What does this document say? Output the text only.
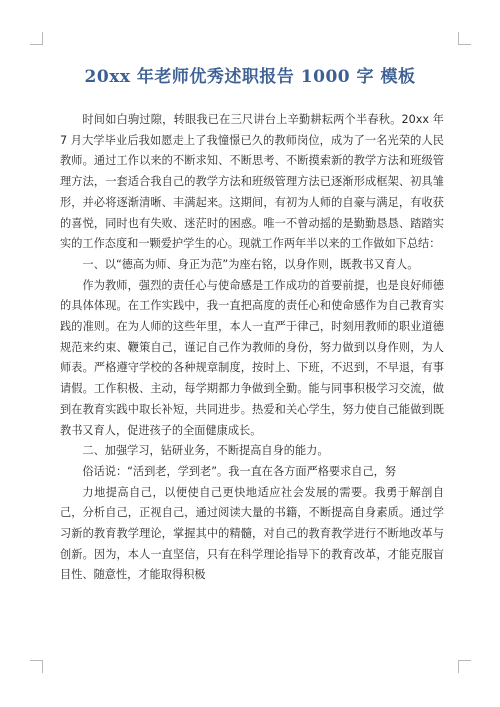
20xx 年老师优秀述职报告 1000 字 模板

时间如白驹过隙，转眼我已在三尺讲台上辛勤耕耘两个半春秋。20xx 年 7 月大学毕业后我如愿走上了我憧憬已久的教师岗位，成为了一名光荣的人民教师。通过工作以来的不断求知、不断思考、不断摸索新的教学方法和班级管理方法，一套适合我自己的教学方法和班级管理方法已逐渐形成框架、初具雏形，并必将逐渐清晰、丰满起来。这期间，有初为人师的自豪与满足，有收获的喜悦，同时也有失败、迷茫时的困惑。唯一不曾动摇的是勤勤恳恳、踏踏实实的工作态度和一颗爱护学生的心。现就工作两年半以来的工作做如下总结：

一、以“德高为师、身正为范”为座右铭，以身作则，既教书又育人。

作为教师，强烈的责任心与使命感是工作成功的首要前提，也是良好师德的具体体现。在工作实践中，我一直把高度的责任心和使命感作为自己教育实践的准则。在为人师的这些年里，本人一直严于律己，时刻用教师的职业道德规范来约束、鞭策自己，谨记自己作为教师的身份，努力做到以身作则，为人师表。严格遵守学校的各种规章制度，按时上、下班，不迟到，不早退，有事请假。工作积极、主动，每学期都力争做到全勤。能与同事积极学习交流，做到在教育实践中取长补短，共同进步。热爱和关心学生，努力使自己能做到既教书又育人，促进孩子的全面健康成长。

二、加强学习，钻研业务，不断提高自身的能力。

俗话说：“活到老，学到老”。我一直在各方面严格要求自己，努

力地提高自己，以便使自己更快地适应社会发展的需要。我勇于解剖自己，分析自己，正视自己，通过阅读大量的书籍，不断提高自身素质。通过学习新的教育教学理论，掌握其中的精髓，对自己的教育教学进行不断地改革与创新。因为，本人一直坚信，只有在科学理论指导下的教育改革，才能克服盲目性、随意性，才能取得积极
